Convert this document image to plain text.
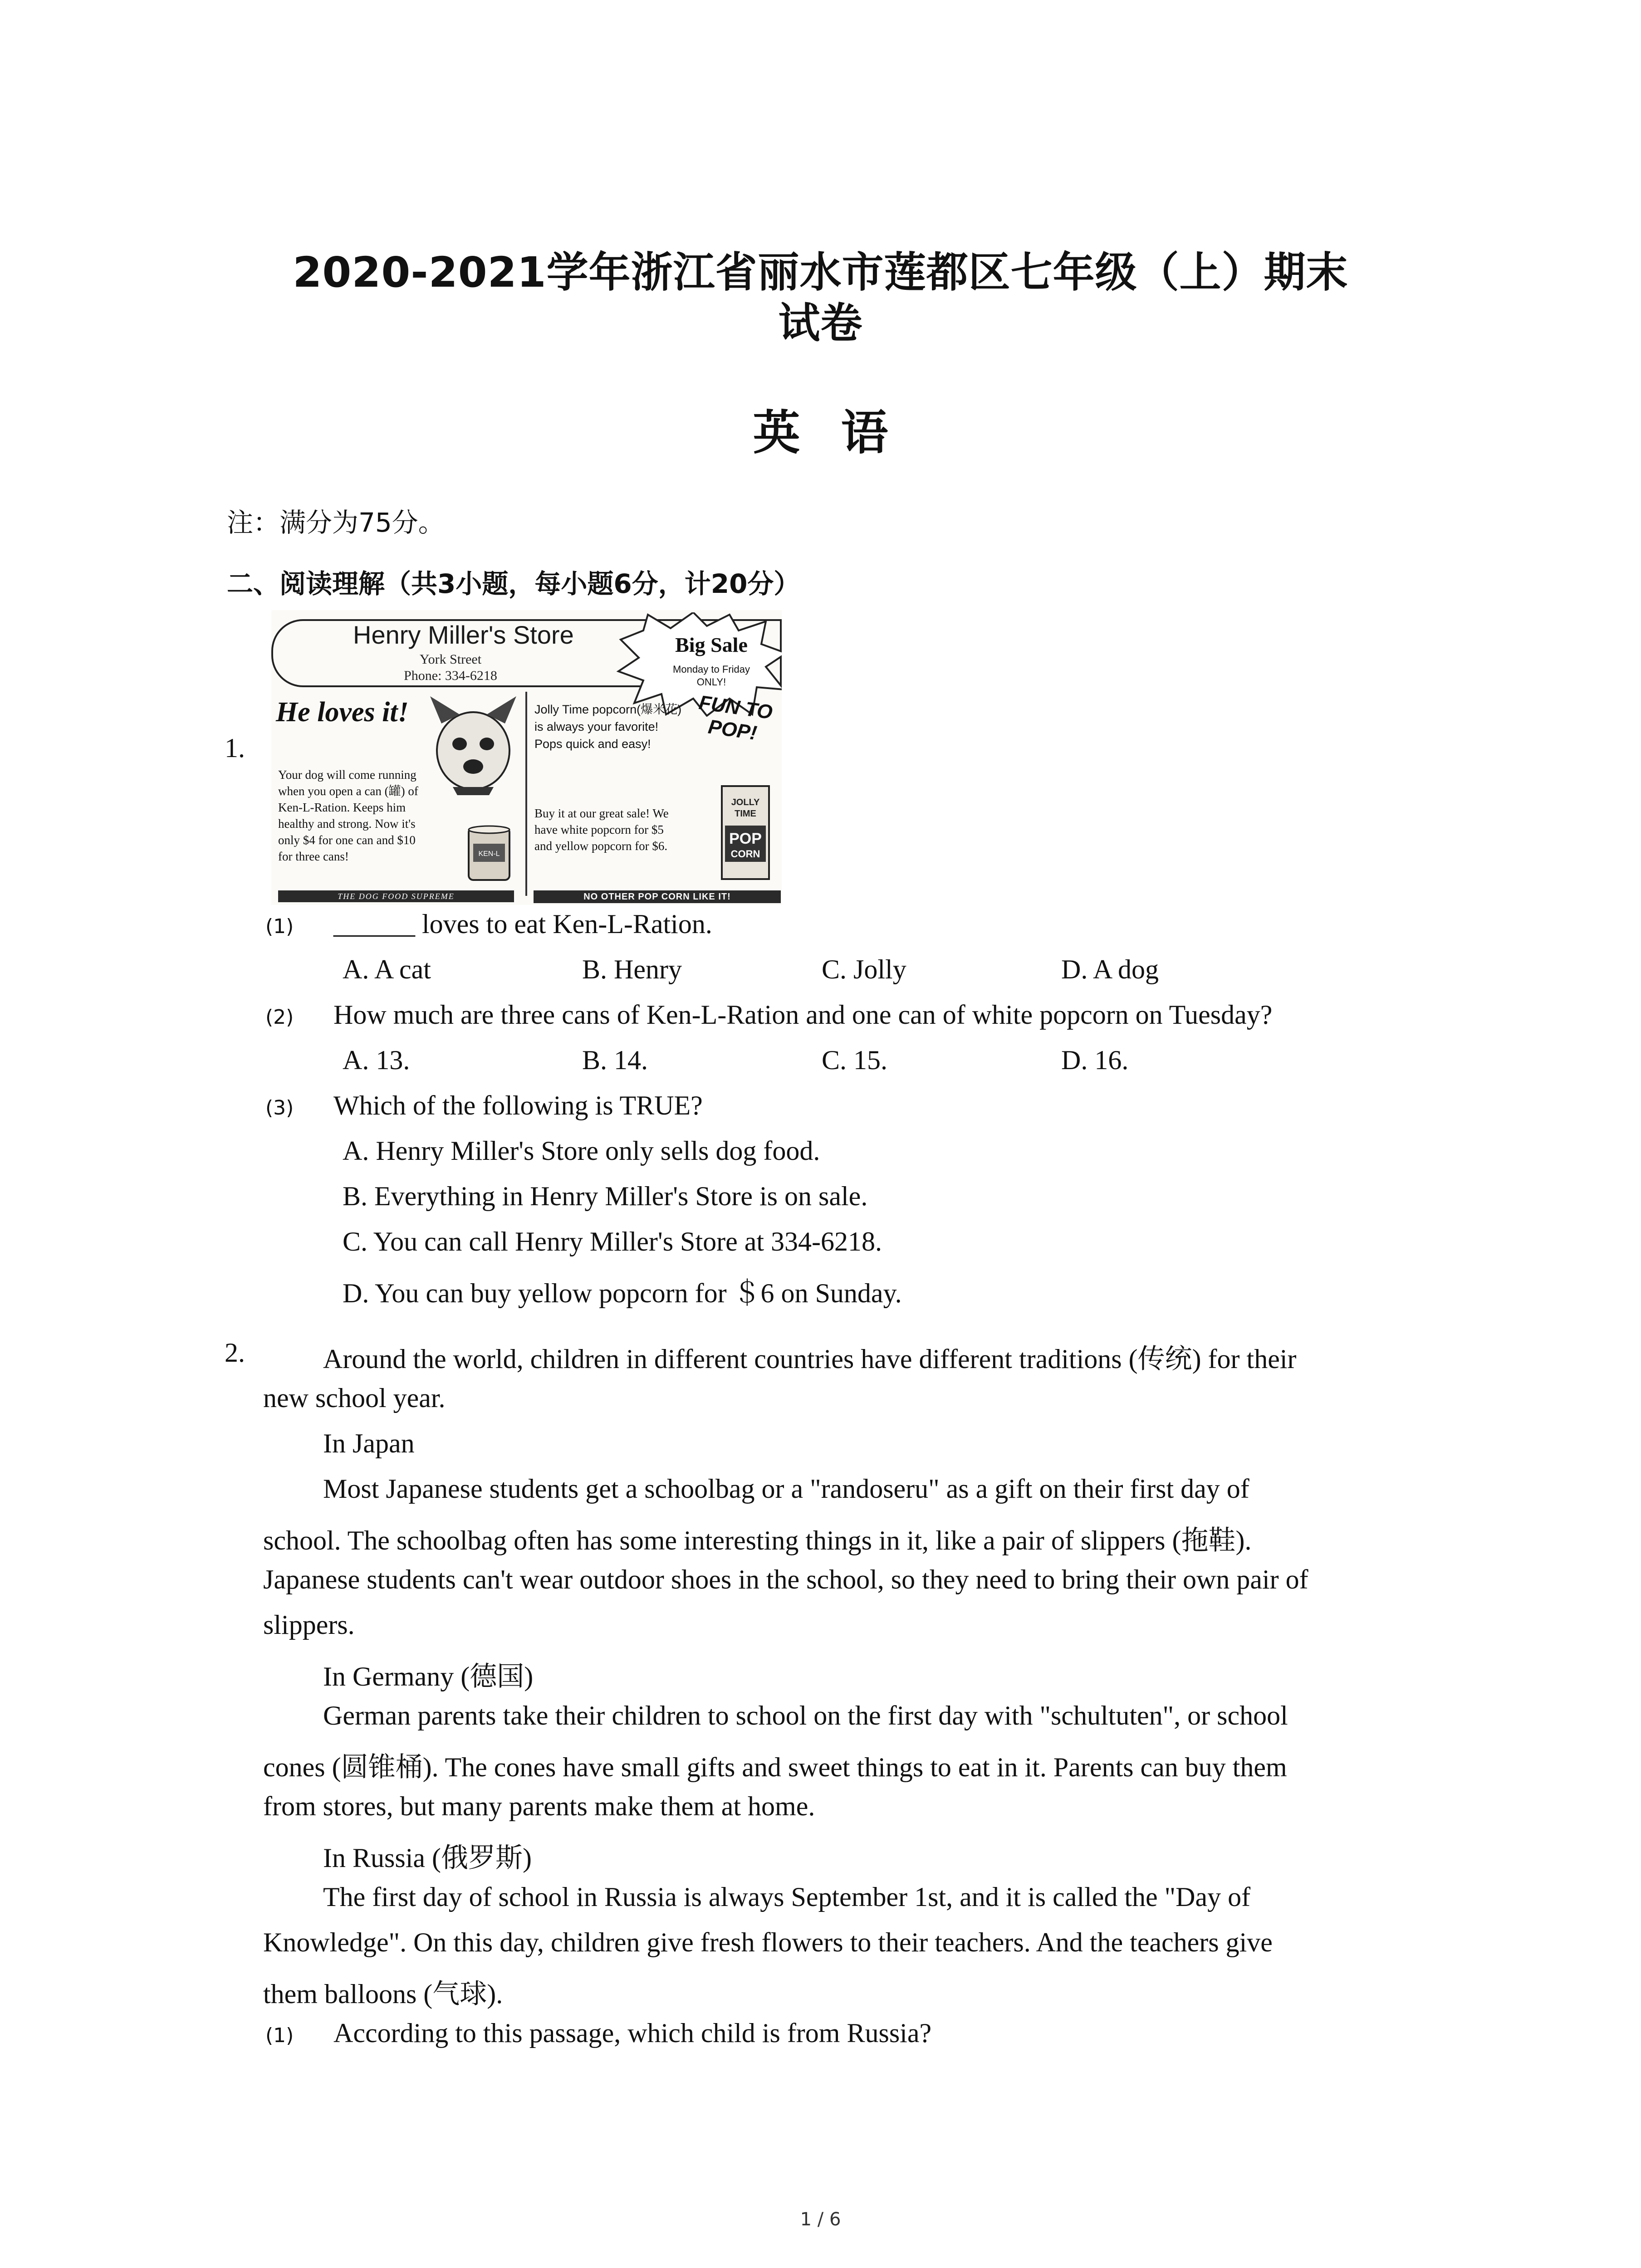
2020-2021学年浙江省丽水市莲都区七年级（上）期末
试卷
英语
注：满分为75分。
二、阅读理解（共3小题，每小题6分，计20分）
1.
Henry Miller's Store
York Street
Phone: 334-6218
Big Sale
Monday to Friday
ONLY!
He loves it!
Your dog will come running when you open a can (罐) of Ken-L-Ration. Keeps him healthy and strong. Now it's only $4 for one can and $10 for three cans!	KEN-L
THE DOG FOOD SUPREME
Jolly Time popcorn(爆米花) is always your favorite! Pops quick and easy!
Buy it at our great sale! We have white popcorn for $5 and yellow popcorn for $6.
FUN TO POP!
POP
CORN
JOLLY
TIME
NO OTHER POP CORN LIKE IT!
(1) ______ loves to eat Ken-L-Ration.
A. A cat	B. Henry	C. Jolly	D. A dog
(2) How much are three cans of Ken-L-Ration and one can of white popcorn on Tuesday?
A. 13.	B. 14.	C. 15.	D. 16.
(3) Which of the following is TRUE?
A. Henry Miller's Store only sells dog food.
B. Everything in Henry Miller's Store is on sale.
C. You can call Henry Miller's Store at 334-6218.
D. You can buy yellow popcorn for ＄6 on Sunday.
2.	Around the world, children in different countries have different traditions (传统) for their
new school year.
In Japan
Most Japanese students get a schoolbag or a "randoseru" as a gift on their first day of
school. The schoolbag often has some interesting things in it, like a pair of slippers (拖鞋).
Japanese students can't wear outdoor shoes in the school, so they need to bring their own pair of
slippers.
In Germany (德国)
German parents take their children to school on the first day with "schultuten", or school
cones (圆锥桶). The cones have small gifts and sweet things to eat in it. Parents can buy them
from stores, but many parents make them at home.
In Russia (俄罗斯)
The first day of school in Russia is always September 1st, and it is called the "Day of
Knowledge". On this day, children give fresh flowers to their teachers. And the teachers give
them balloons (气球).
(1) According to this passage, which child is from Russia?
1 / 6
